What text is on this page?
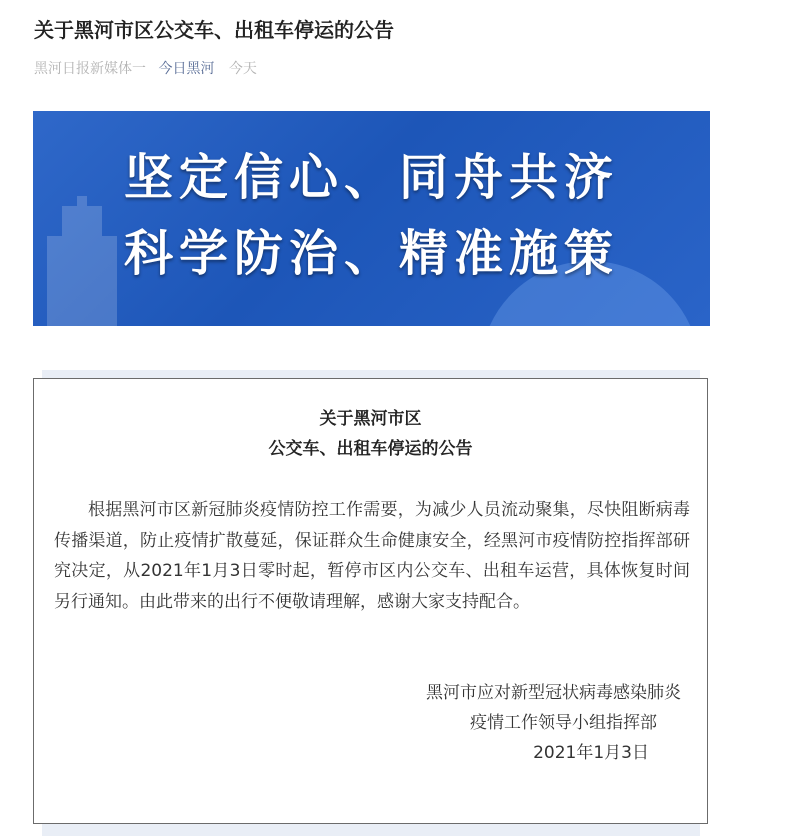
关于黑河市区公交车、出租车停运的公告
黑河日报新媒体一 今日黑河 今天
坚定信心、同舟共济
科学防治、精准施策
关于黑河市区
公交车、出租车停运的公告
根据黑河市区新冠肺炎疫情防控工作需要，为减少人员流动聚集，尽快阻断病毒传播渠道，防止疫情扩散蔓延，保证群众生命健康安全，经黑河市疫情防控指挥部研究决定，从2021年1月3日零时起，暂停市区内公交车、出租车运营，具体恢复时间另行通知。由此带来的出行不便敬请理解，感谢大家支持配合。
黑河市应对新型冠状病毒感染肺炎
疫情工作领导小组指挥部
2021年1月3日
